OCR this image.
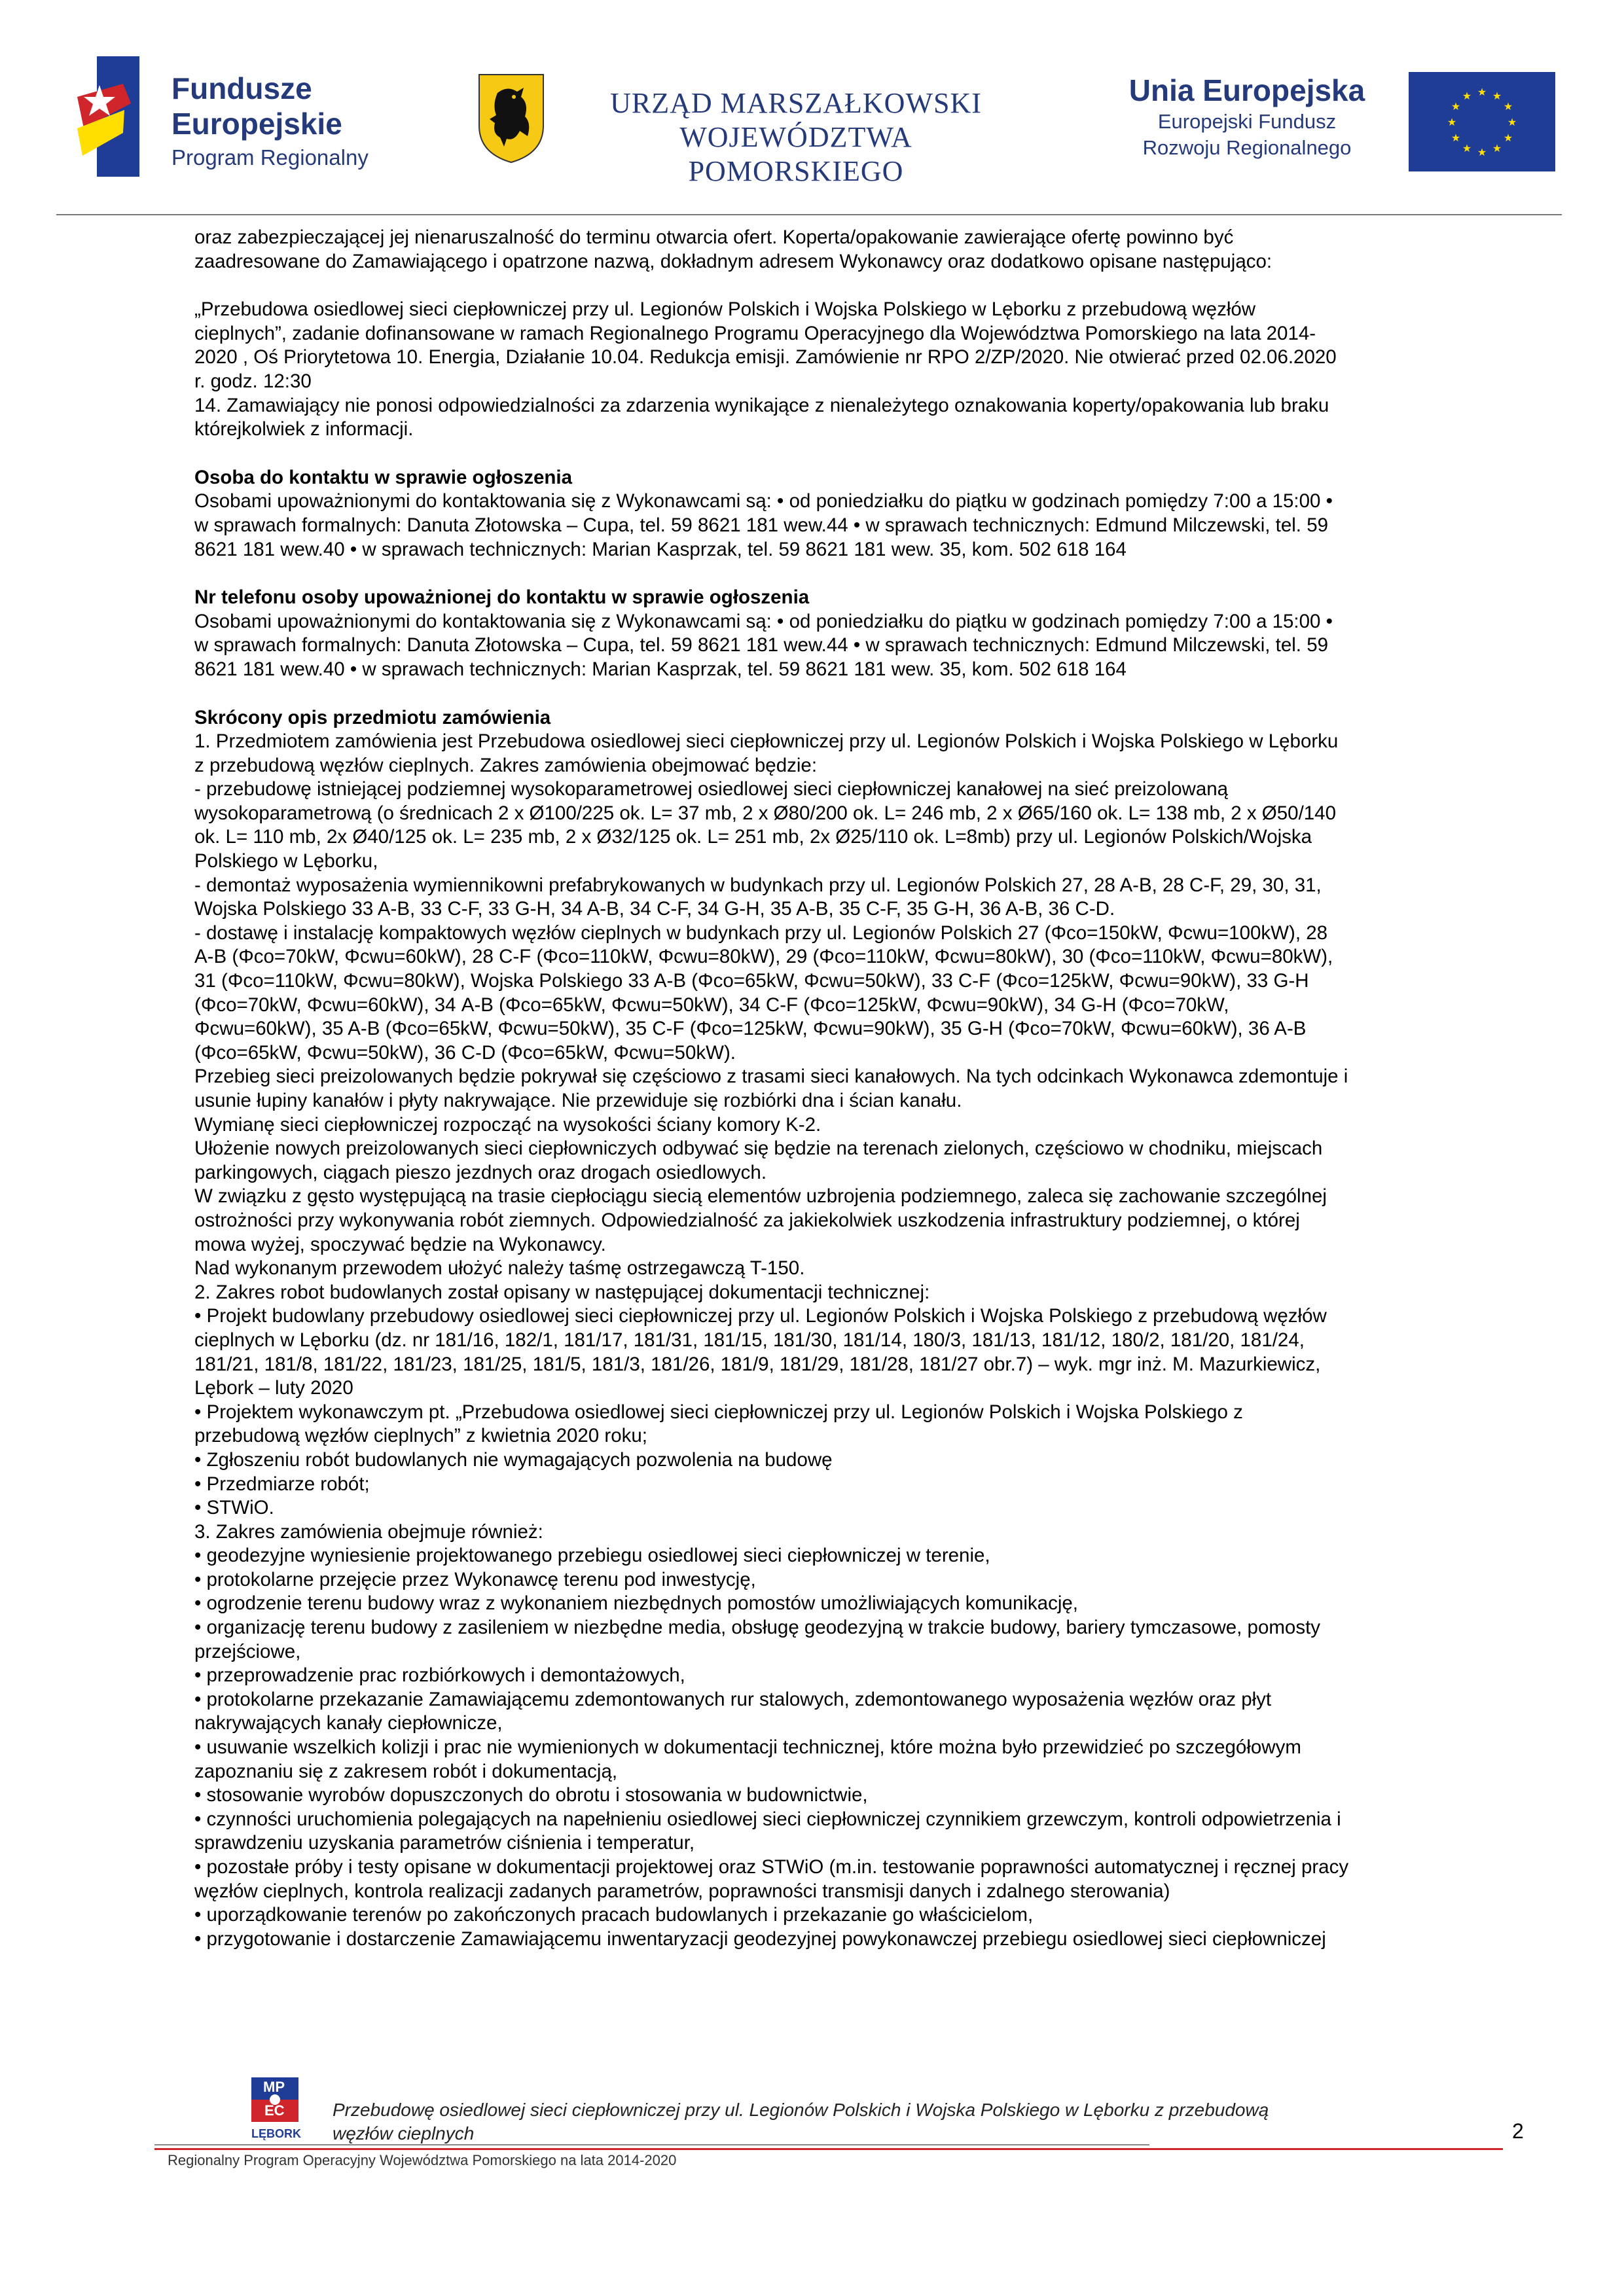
Fundusze
Europejskie
Program Regionalny
URZĄD MARSZAŁKOWSKI
WOJEWÓDZTWA POMORSKIEGO
Unia Europejska
Europejski Fundusz
Rozwoju Regionalnego
★ ★
★
★
★
★
★
★
★
★
★
★

oraz zabezpieczającej jej nienaruszalność do terminu otwarcia ofert. Koperta/opakowanie zawierające ofertę powinno być

zaadresowane do Zamawiającego i opatrzone nazwą, dokładnym adresem Wykonawcy oraz dodatkowo opisane następująco:

„Przebudowa osiedlowej sieci ciepłowniczej przy ul. Legionów Polskich i Wojska Polskiego w Lęborku z przebudową węzłów

cieplnych”, zadanie dofinansowane w ramach Regionalnego Programu Operacyjnego dla Województwa Pomorskiego na lata 2014-

2020 , Oś Priorytetowa 10. Energia, Działanie 10.04. Redukcja emisji. Zamówienie nr RPO 2/ZP/2020. Nie otwierać przed 02.06.2020

r. godz. 12:30

14. Zamawiający nie ponosi odpowiedzialności za zdarzenia wynikające z nienależytego oznakowania koperty/opakowania lub braku

którejkolwiek z informacji.

Osoba do kontaktu w sprawie ogłoszenia

Osobami upoważnionymi do kontaktowania się z Wykonawcami są: • od poniedziałku do piątku w godzinach pomiędzy 7:00 a 15:00 •

w sprawach formalnych: Danuta Złotowska – Cupa, tel. 59 8621 181 wew.44 • w sprawach technicznych: Edmund Milczewski, tel. 59

8621 181 wew.40 • w sprawach technicznych: Marian Kasprzak, tel. 59 8621 181 wew. 35, kom. 502 618 164

Nr telefonu osoby upoważnionej do kontaktu w sprawie ogłoszenia

Osobami upoważnionymi do kontaktowania się z Wykonawcami są: • od poniedziałku do piątku w godzinach pomiędzy 7:00 a 15:00 •

w sprawach formalnych: Danuta Złotowska – Cupa, tel. 59 8621 181 wew.44 • w sprawach technicznych: Edmund Milczewski, tel. 59

8621 181 wew.40 • w sprawach technicznych: Marian Kasprzak, tel. 59 8621 181 wew. 35, kom. 502 618 164

Skrócony opis przedmiotu zamówienia

1. Przedmiotem zamówienia jest Przebudowa osiedlowej sieci ciepłowniczej przy ul. Legionów Polskich i Wojska Polskiego w Lęborku

z przebudową węzłów cieplnych. Zakres zamówienia obejmować będzie:

- przebudowę istniejącej podziemnej wysokoparametrowej osiedlowej sieci ciepłowniczej kanałowej na sieć preizolowaną

wysokoparametrową (o średnicach 2 x Ø100/225 ok. L= 37 mb, 2 x Ø80/200 ok. L= 246 mb, 2 x Ø65/160 ok. L= 138 mb, 2 x Ø50/140

ok. L= 110 mb, 2x Ø40/125 ok. L= 235 mb, 2 x Ø32/125 ok. L= 251 mb, 2x Ø25/110 ok. L=8mb) przy ul. Legionów Polskich/Wojska

Polskiego w Lęborku,

- demontaż wyposażenia wymiennikowni prefabrykowanych w budynkach przy ul. Legionów Polskich 27, 28 A-B, 28 C-F, 29, 30, 31,

Wojska Polskiego 33 A-B, 33 C-F, 33 G-H, 34 A-B, 34 C-F, 34 G-H, 35 A-B, 35 C-F, 35 G-H, 36 A-B, 36 C-D.

- dostawę i instalację kompaktowych węzłów cieplnych w budynkach przy ul. Legionów Polskich 27 (Φco=150kW, Φcwu=100kW), 28

A-B (Φco=70kW, Φcwu=60kW), 28 C-F (Φco=110kW, Φcwu=80kW), 29 (Φco=110kW, Φcwu=80kW), 30 (Φco=110kW, Φcwu=80kW),

31 (Φco=110kW, Φcwu=80kW), Wojska Polskiego 33 A-B (Φco=65kW, Φcwu=50kW), 33 C-F (Φco=125kW, Φcwu=90kW), 33 G-H

(Φco=70kW, Φcwu=60kW), 34 A-B (Φco=65kW, Φcwu=50kW), 34 C-F (Φco=125kW, Φcwu=90kW), 34 G-H (Φco=70kW,

Φcwu=60kW), 35 A-B (Φco=65kW, Φcwu=50kW), 35 C-F (Φco=125kW, Φcwu=90kW), 35 G-H (Φco=70kW, Φcwu=60kW), 36 A-B

(Φco=65kW, Φcwu=50kW), 36 C-D (Φco=65kW, Φcwu=50kW).

Przebieg sieci preizolowanych będzie pokrywał się częściowo z trasami sieci kanałowych. Na tych odcinkach Wykonawca zdemontuje i

usunie łupiny kanałów i płyty nakrywające. Nie przewiduje się rozbiórki dna i ścian kanału.

Wymianę sieci ciepłowniczej rozpocząć na wysokości ściany komory K-2.

Ułożenie nowych preizolowanych sieci ciepłowniczych odbywać się będzie na terenach zielonych, częściowo w chodniku, miejscach

parkingowych, ciągach pieszo jezdnych oraz drogach osiedlowych.

W związku z gęsto występującą na trasie ciepłociągu siecią elementów uzbrojenia podziemnego, zaleca się zachowanie szczególnej

ostrożności przy wykonywania robót ziemnych. Odpowiedzialność za jakiekolwiek uszkodzenia infrastruktury podziemnej, o której

mowa wyżej, spoczywać będzie na Wykonawcy.

Nad wykonanym przewodem ułożyć należy taśmę ostrzegawczą T-150.

2. Zakres robot budowlanych został opisany w następującej dokumentacji technicznej:

• Projekt budowlany przebudowy osiedlowej sieci ciepłowniczej przy ul. Legionów Polskich i Wojska Polskiego z przebudową węzłów

cieplnych w Lęborku (dz. nr 181/16, 182/1, 181/17, 181/31, 181/15, 181/30, 181/14, 180/3, 181/13, 181/12, 180/2, 181/20, 181/24,

181/21, 181/8, 181/22, 181/23, 181/25, 181/5, 181/3, 181/26, 181/9, 181/29, 181/28, 181/27 obr.7) – wyk. mgr inż. M. Mazurkiewicz,

Lębork – luty 2020

• Projektem wykonawczym pt. „Przebudowa osiedlowej sieci ciepłowniczej przy ul. Legionów Polskich i Wojska Polskiego z

przebudową węzłów cieplnych” z kwietnia 2020 roku;

• Zgłoszeniu robót budowlanych nie wymagających pozwolenia na budowę

• Przedmiarze robót;

• STWiO.

3. Zakres zamówienia obejmuje również:

• geodezyjne wyniesienie projektowanego przebiegu osiedlowej sieci ciepłowniczej w terenie,

• protokolarne przejęcie przez Wykonawcę terenu pod inwestycję,

• ogrodzenie terenu budowy wraz z wykonaniem niezbędnych pomostów umożliwiających komunikację,

• organizację terenu budowy z zasileniem w niezbędne media, obsługę geodezyjną w trakcie budowy, bariery tymczasowe, pomosty

przejściowe,

• przeprowadzenie prac rozbiórkowych i demontażowych,

• protokolarne przekazanie Zamawiającemu zdemontowanych rur stalowych, zdemontowanego wyposażenia węzłów oraz płyt

nakrywających kanały ciepłownicze,

• usuwanie wszelkich kolizji i prac nie wymienionych w dokumentacji technicznej, które można było przewidzieć po szczegółowym

zapoznaniu się z zakresem robót i dokumentacją,

• stosowanie wyrobów dopuszczonych do obrotu i stosowania w budownictwie,

• czynności uruchomienia polegających na napełnieniu osiedlowej sieci ciepłowniczej czynnikiem grzewczym, kontroli odpowietrzenia i

sprawdzeniu uzyskania parametrów ciśnienia i temperatur,

• pozostałe próby i testy opisane w dokumentacji projektowej oraz STWiO (m.in. testowanie poprawności automatycznej i ręcznej pracy

węzłów cieplnych, kontrola realizacji zadanych parametrów, poprawności transmisji danych i zdalnego sterowania)

• uporządkowanie terenów po zakończonych pracach budowlanych i przekazanie go właścicielom,

• przygotowanie i dostarczenie Zamawiającemu inwentaryzacji geodezyjnej powykonawczej przebiegu osiedlowej sieci ciepłowniczej

MP
EC
LĘBORK
Przebudowę osiedlowej sieci ciepłowniczej przy ul. Legionów Polskich i Wojska Polskiego w Lęborku z przebudową
węzłów cieplnych
Regionalny Program Operacyjny Województwa Pomorskiego na lata 2014-2020
2
